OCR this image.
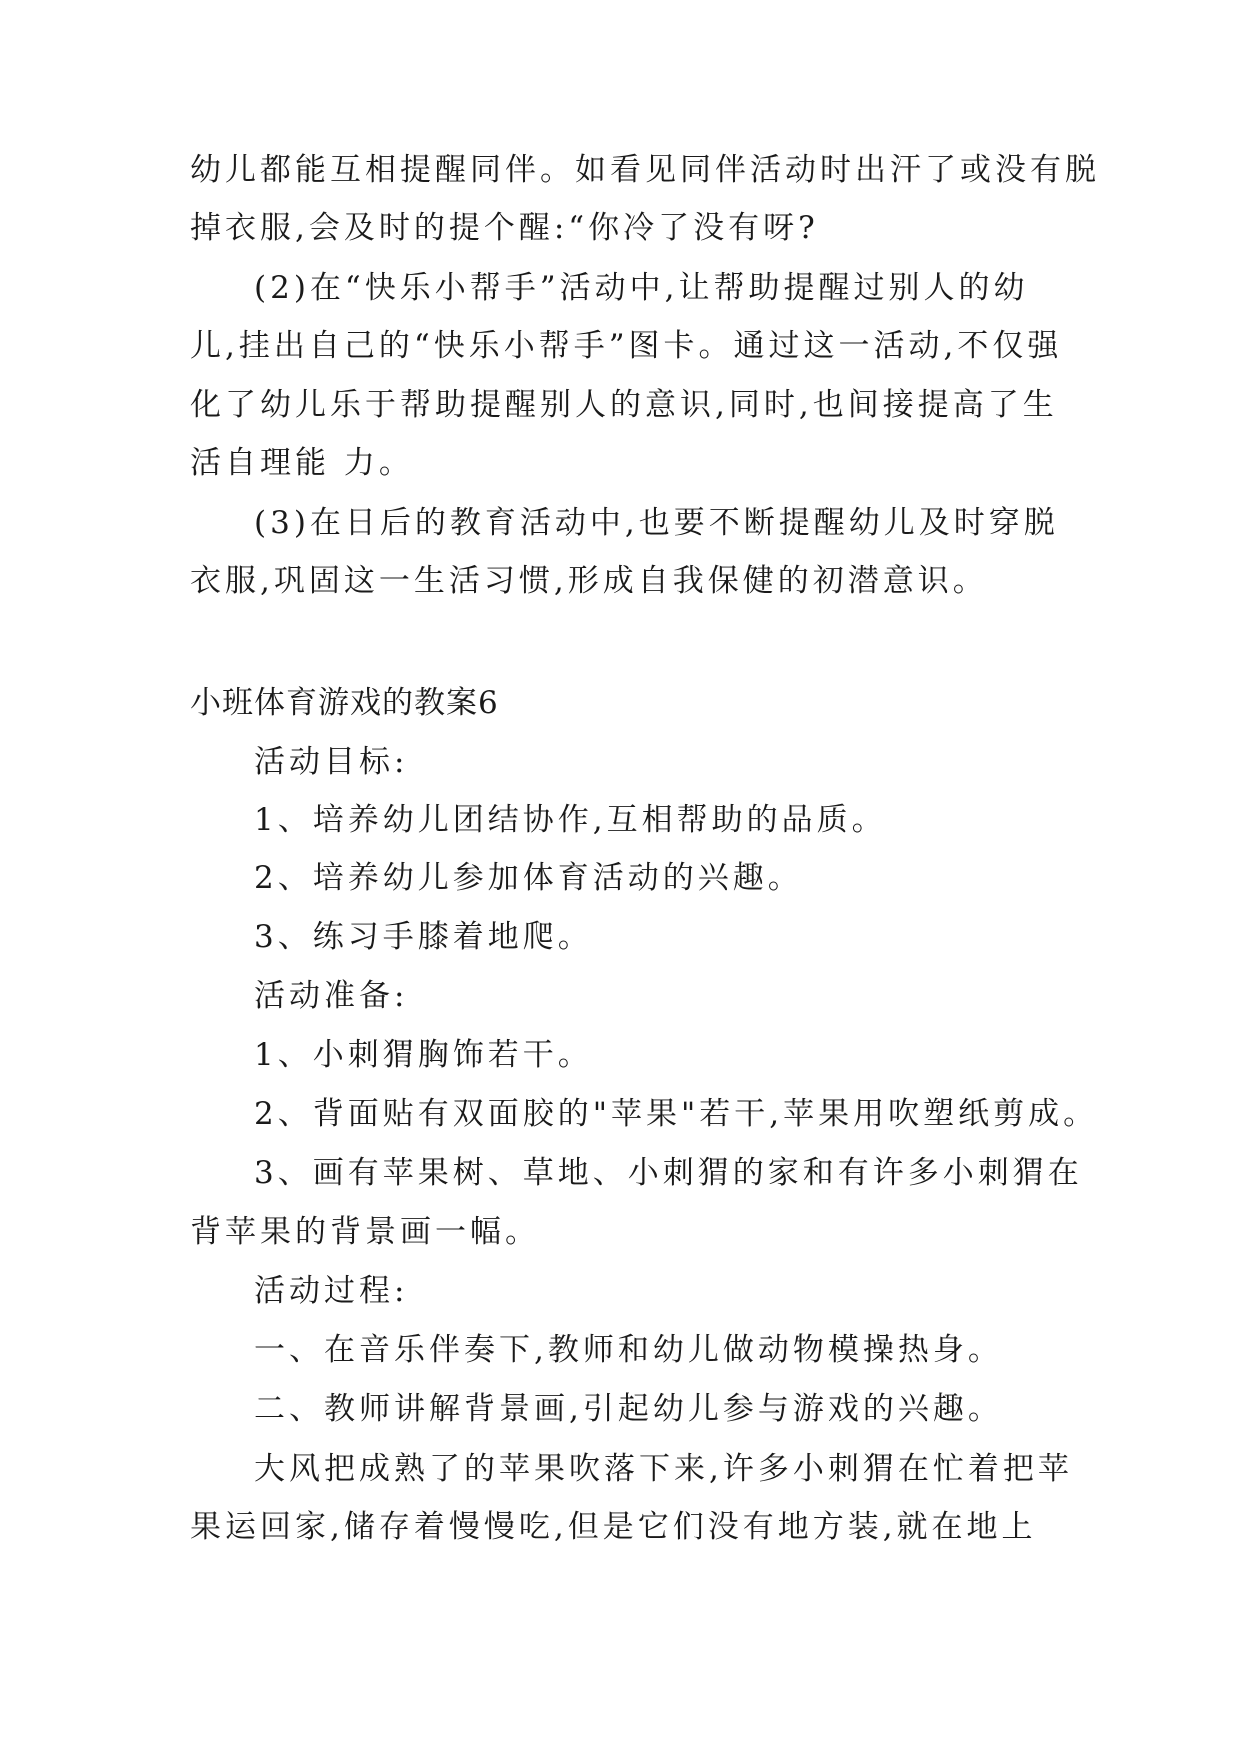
幼儿都能互相提醒同伴。如看见同伴活动时出汗了或没有脱
掉衣服,会及时的提个醒:“你冷了没有呀?
(2)在“快乐小帮手”活动中,让帮助提醒过别人的幼
儿,挂出自己的“快乐小帮手”图卡。通过这一活动,不仅强
化了幼儿乐于帮助提醒别人的意识,同时,也间接提高了生
活自理能 力。
(3)在日后的教育活动中,也要不断提醒幼儿及时穿脱
衣服,巩固这一生活习惯,形成自我保健的初潜意识。
小班体育游戏的教案6
活动目标:
1、培养幼儿团结协作,互相帮助的品质。
2、培养幼儿参加体育活动的兴趣。
3、练习手膝着地爬。
活动准备:
1、小刺猬胸饰若干。
2、背面贴有双面胶的"苹果"若干,苹果用吹塑纸剪成。
3、画有苹果树、草地、小刺猬的家和有许多小刺猬在
背苹果的背景画一幅。
活动过程:
一、在音乐伴奏下,教师和幼儿做动物模操热身。
二、教师讲解背景画,引起幼儿参与游戏的兴趣。
大风把成熟了的苹果吹落下来,许多小刺猬在忙着把苹
果运回家,储存着慢慢吃,但是它们没有地方装,就在地上
